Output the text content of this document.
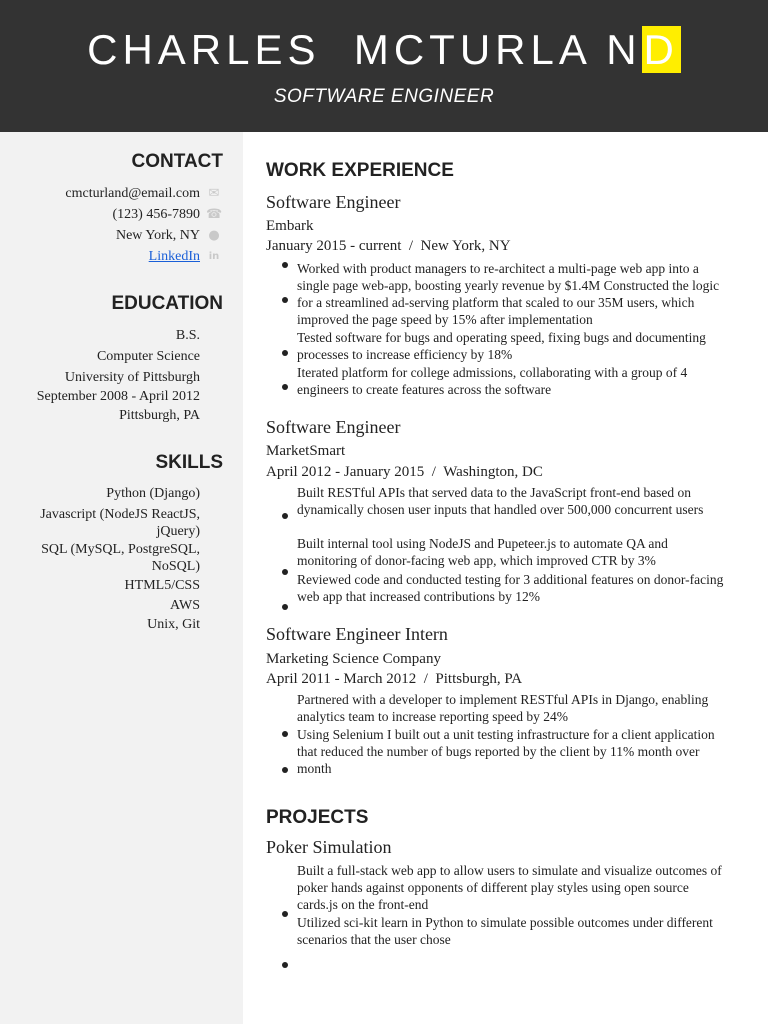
CHARLES  MCTURLA ND
SOFTWARE ENGINEER
CONTACT
cmcturland@email.com ✉
(123) 456-7890 ☎
New York, NY ●
LinkedIn in
EDUCATION
B.S.
Computer Science
University of Pittsburgh
September 2008 - April 2012
Pittsburgh, PA
SKILLS
Python (Django)
Javascript (NodeJS ReactJS,
jQuery)
SQL (MySQL, PostgreSQL,
NoSQL)
HTML5/CSS
AWS
Unix, Git
WORK EXPERIENCE
Software Engineer
Embark
January 2015 - current  /  New York, NY
Worked with product managers to re-architect a multi-page web app into a single page web-app, boosting yearly revenue by $1.4M Constructed the logic for a streamlined ad-serving platform that scaled to our 35M users, which improved the page speed by 15% after implementation
Tested software for bugs and operating speed, fixing bugs and documenting processes to increase efficiency by 18%
Iterated platform for college admissions, collaborating with a group of 4 engineers to create features across the software
Software Engineer
MarketSmart
April 2012 - January 2015  /  Washington, DC
Built RESTful APIs that served data to the JavaScript front-end based on dynamically chosen user inputs that handled over 500,000 concurrent users
Built internal tool using NodeJS and Pupeteer.js to automate QA and monitoring of donor-facing web app, which improved CTR by 3%
Reviewed code and conducted testing for 3 additional features on donor-facing web app that increased contributions by 12%
Software Engineer Intern
Marketing Science Company
April 2011 - March 2012  /  Pittsburgh, PA
Partnered with a developer to implement RESTful APIs in Django, enabling analytics team to increase reporting speed by 24%
Using Selenium I built out a unit testing infrastructure for a client application that reduced the number of bugs reported by the client by 11% month over month
PROJECTS
Poker Simulation
Built a full-stack web app to allow users to simulate and visualize outcomes of poker hands against opponents of different play styles using open source cards.js on the front-end
Utilized sci-kit learn in Python to simulate possible outcomes under different scenarios that the user chose
